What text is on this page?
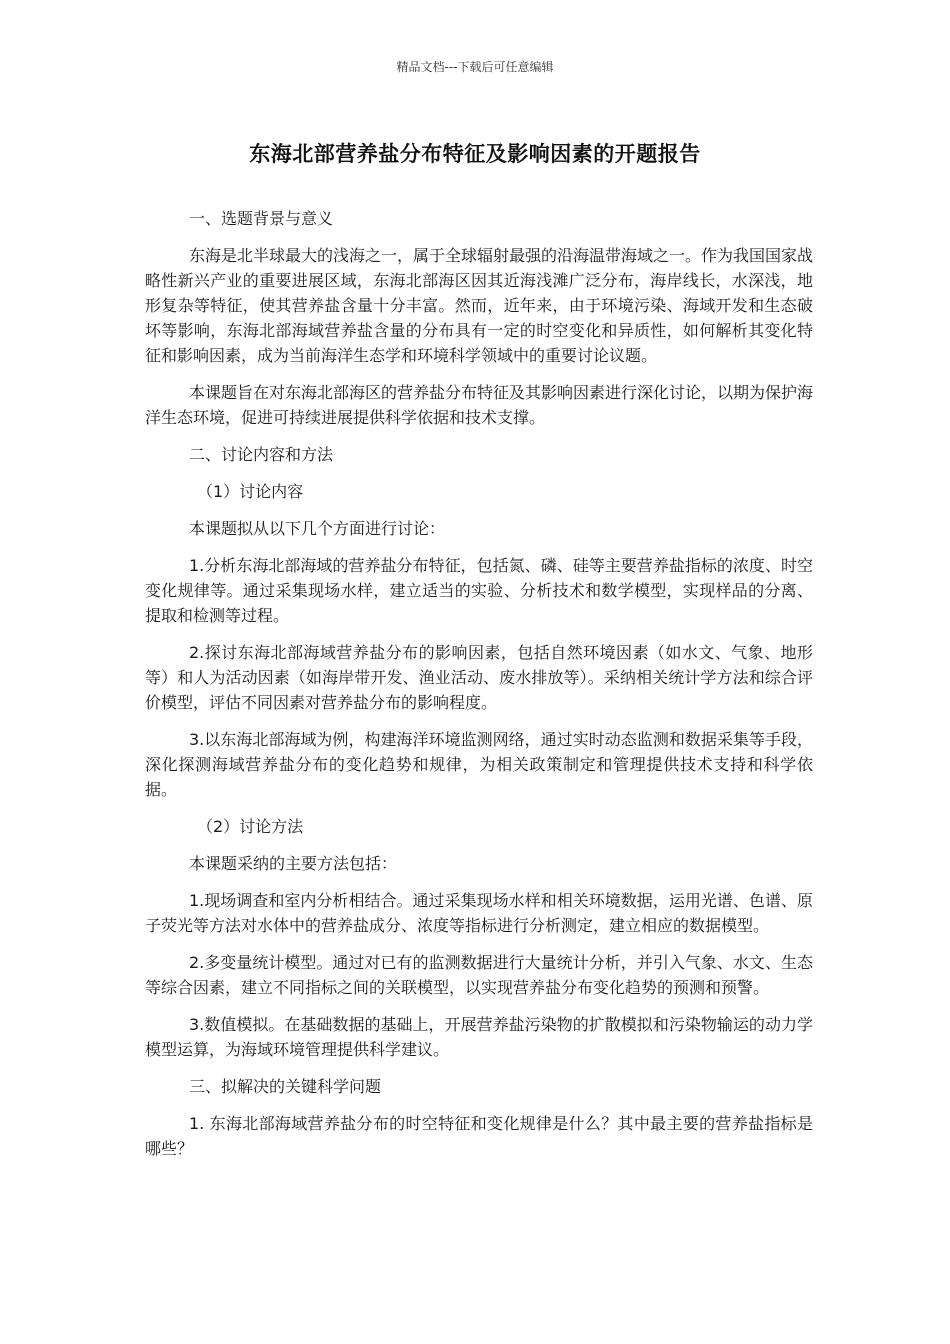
精品文档---下载后可任意编辑
东海北部营养盐分布特征及影响因素的开题报告

一、选题背景与意义

东海是北半球最大的浅海之一，属于全球辐射最强的沿海温带海域之一。作为我国国家战略性新兴产业的重要进展区域，东海北部海区因其近海浅滩广泛分布，海岸线长，水深浅，地形复杂等特征，使其营养盐含量十分丰富。然而，近年来，由于环境污染、海域开发和生态破坏等影响，东海北部海域营养盐含量的分布具有一定的时空变化和异质性，如何解析其变化特征和影响因素，成为当前海洋生态学和环境科学领域中的重要讨论议题。

本课题旨在对东海北部海区的营养盐分布特征及其影响因素进行深化讨论，以期为保护海洋生态环境，促进可持续进展提供科学依据和技术支撑。

二、讨论内容和方法

（1）讨论内容

本课题拟从以下几个方面进行讨论：

1.分析东海北部海域的营养盐分布特征，包括氮、磷、硅等主要营养盐指标的浓度、时空变化规律等。通过采集现场水样，建立适当的实验、分析技术和数学模型，实现样品的分离、提取和检测等过程。

2.探讨东海北部海域营养盐分布的影响因素，包括自然环境因素（如水文、气象、地形等）和人为活动因素（如海岸带开发、渔业活动、废水排放等）。采纳相关统计学方法和综合评价模型，评估不同因素对营养盐分布的影响程度。

3.以东海北部海域为例，构建海洋环境监测网络，通过实时动态监测和数据采集等手段，深化探测海域营养盐分布的变化趋势和规律，为相关政策制定和管理提供技术支持和科学依据。

（2）讨论方法

本课题采纳的主要方法包括：

1.现场调查和室内分析相结合。通过采集现场水样和相关环境数据，运用光谱、色谱、原子荧光等方法对水体中的营养盐成分、浓度等指标进行分析测定，建立相应的数据模型。

2.多变量统计模型。通过对已有的监测数据进行大量统计分析，并引入气象、水文、生态等综合因素，建立不同指标之间的关联模型，以实现营养盐分布变化趋势的预测和预警。

3.数值模拟。在基础数据的基础上，开展营养盐污染物的扩散模拟和污染物输运的动力学模型运算，为海域环境管理提供科学建议。

三、拟解决的关键科学问题

1. 东海北部海域营养盐分布的时空特征和变化规律是什么？其中最主要的营养盐指标是哪些？
